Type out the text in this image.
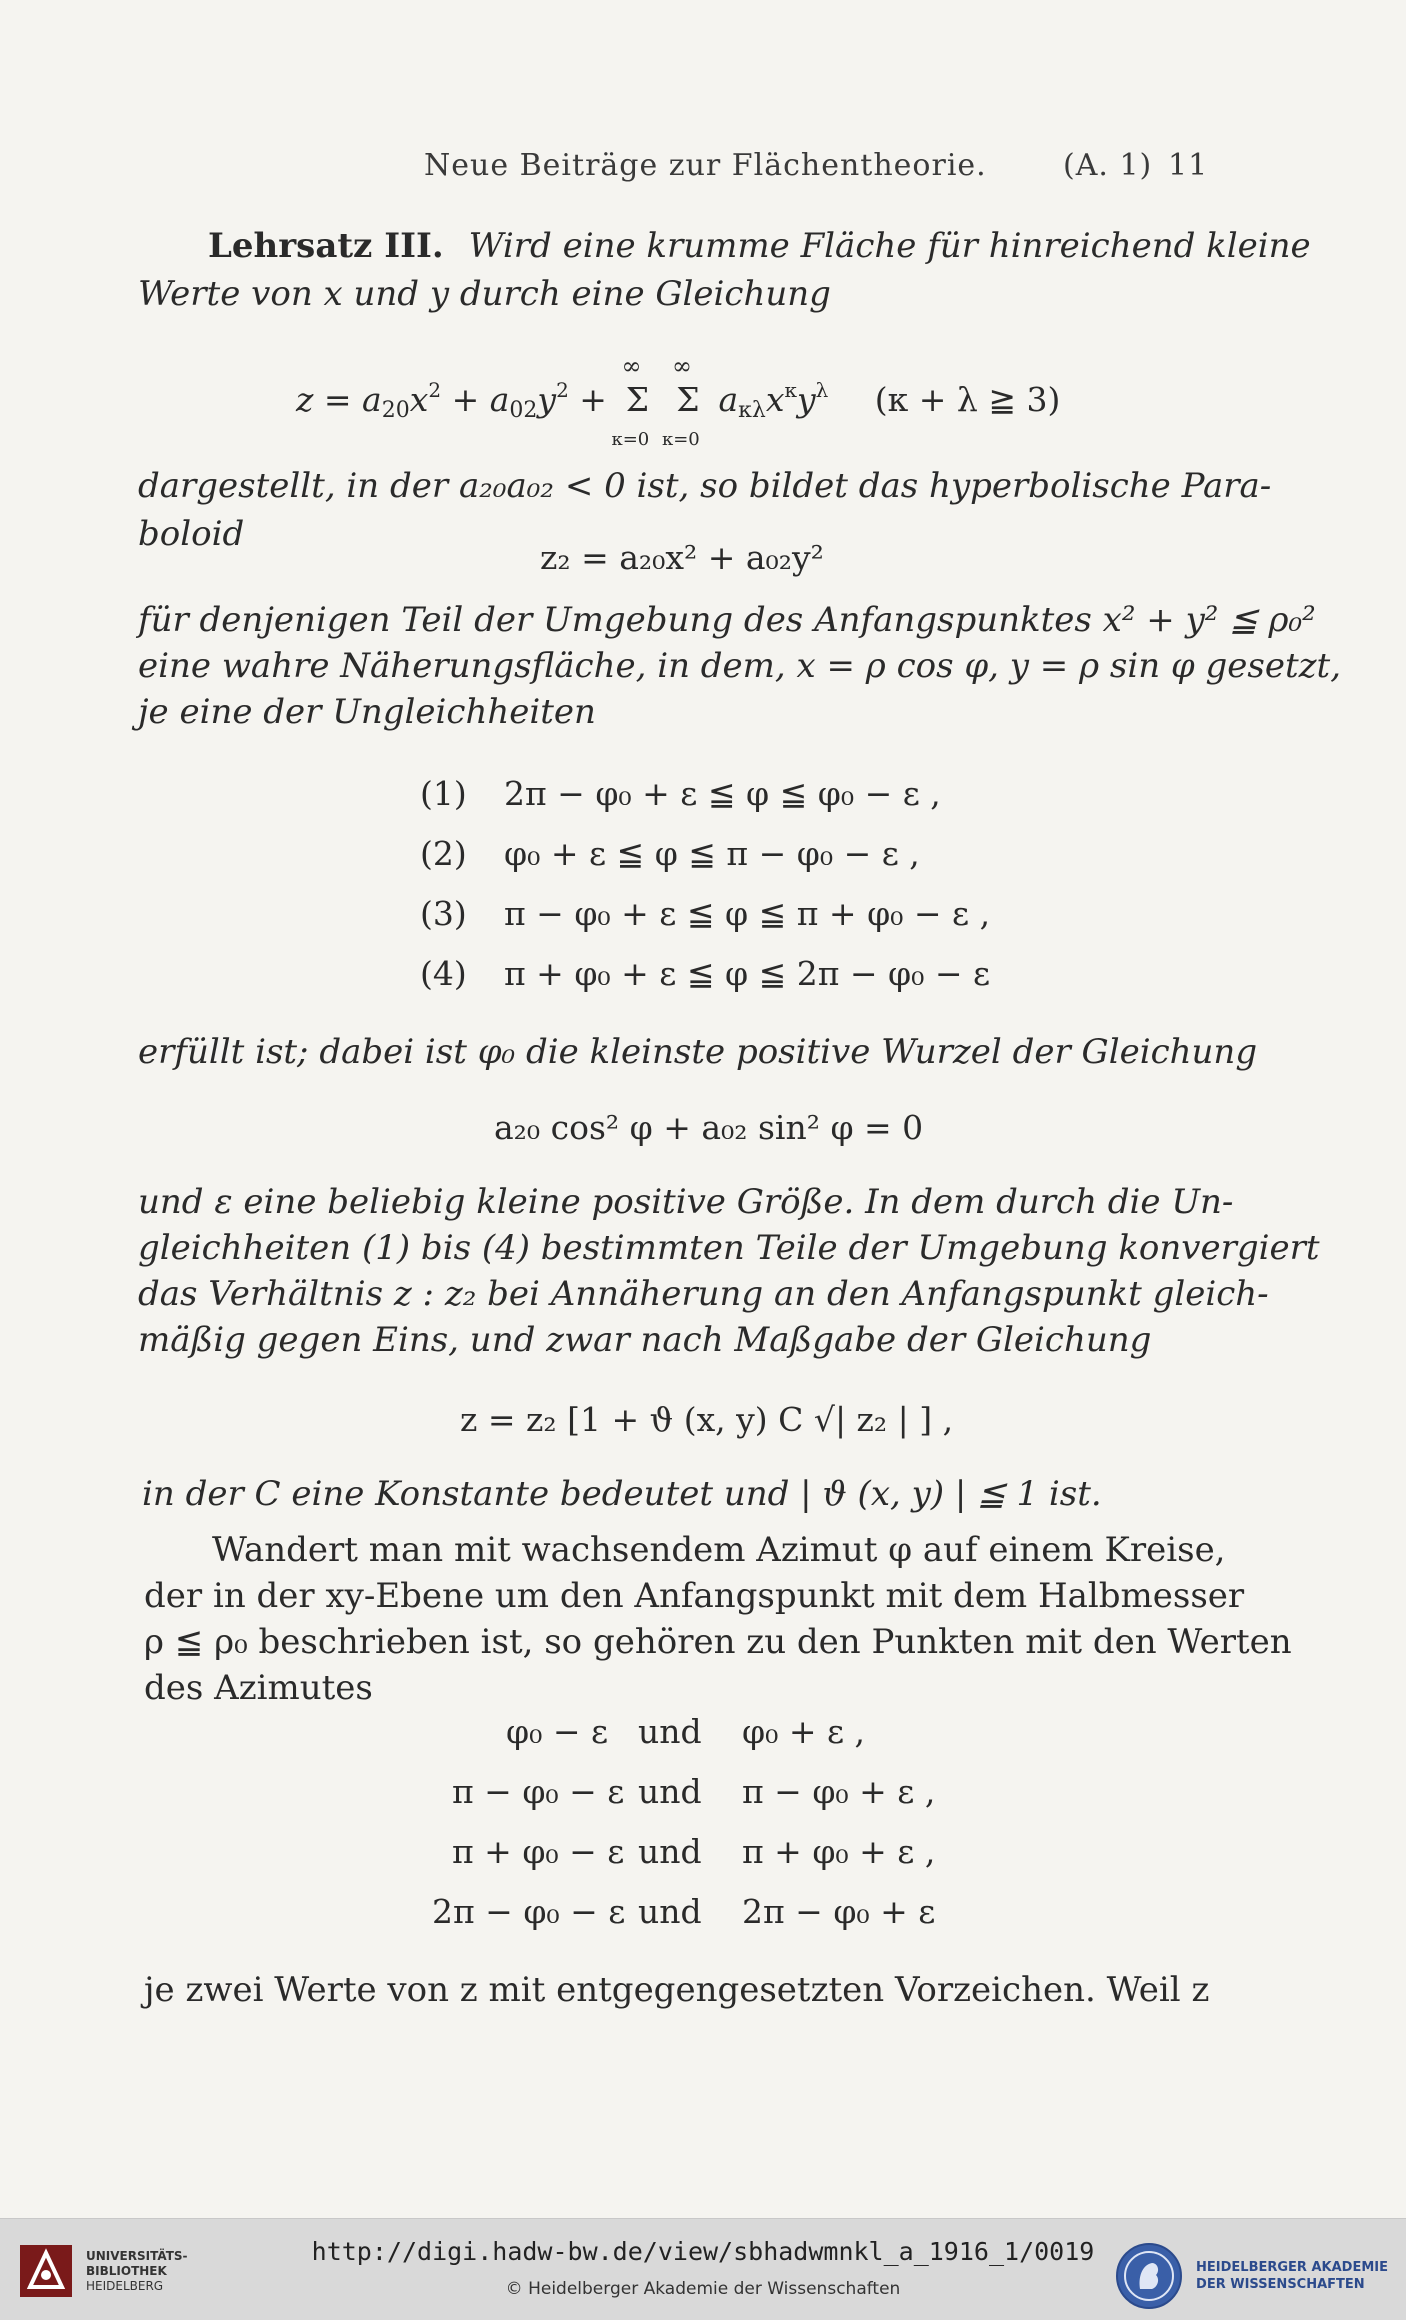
Neue Beiträge zur Flächentheorie.	(A. 1) 11
Lehrsatz III. Wird eine krumme Fläche für hinreichend kleine
Werte von x und y durch eine Gleichung
$z = a_{20}x^2 + a_{02}y^2 + \Sigma$
∞
κ=0
Σ
∞
κ=0
$a_{\kappa\lambda}x^\kappa y^\lambda$ (κ + λ ≧ 3)
dargestellt, in der a₂₀a₀₂ < 0 ist, so bildet das hyperbolische Para-
boloid
z₂ = a₂₀x² + a₀₂y²
für denjenigen Teil der Umgebung des Anfangspunktes x² + y² ≦ ρ₀²
eine wahre Näherungsfläche, in dem, x = ρ cos φ, y = ρ sin φ gesetzt,
je eine der Ungleichheiten
(1) 2π − φ₀ + ε ≦ φ ≦ φ₀ − ε ,
(2) φ₀ + ε ≦ φ ≦ π − φ₀ − ε ,
(3) π − φ₀ + ε ≦ φ ≦ π + φ₀ − ε ,
(4) π + φ₀ + ε ≦ φ ≦ 2π − φ₀ − ε
erfüllt ist; dabei ist φ₀ die kleinste positive Wurzel der Gleichung
a₂₀ cos² φ + a₀₂ sin² φ = 0
und ε eine beliebig kleine positive Größe. In dem durch die Un-
gleichheiten (1) bis (4) bestimmten Teile der Umgebung konvergiert
das Verhältnis z : z₂ bei Annäherung an den Anfangspunkt gleich-
mäßig gegen Eins, und zwar nach Maßgabe der Gleichung
z = z₂ [1 + ϑ (x, y) C √| z₂ | ] ,
in der C eine Konstante bedeutet und | ϑ (x, y) | ≦ 1 ist.
Wandert man mit wachsendem Azimut φ auf einem Kreise,
der in der xy-Ebene um den Anfangspunkt mit dem Halbmesser
ρ ≦ ρ₀ beschrieben ist, so gehören zu den Punkten mit den Werten
des Azimutes
φ₀ − ε und φ₀ + ε ,
π − φ₀ − ε und π − φ₀ + ε ,
π + φ₀ − ε und π + φ₀ + ε ,
2π − φ₀ − ε und 2π − φ₀ + ε
je zwei Werte von z mit entgegengesetzten Vorzeichen. Weil z
UNIVERSITÄTS-
BIBLIOTHEK
HEIDELBERG
http://digi.hadw-bw.de/view/sbhadwmnkl_a_1916_1/0019
© Heidelberger Akademie der Wissenschaften
HEIDELBERGER AKADEMIE
DER WISSENSCHAFTEN
